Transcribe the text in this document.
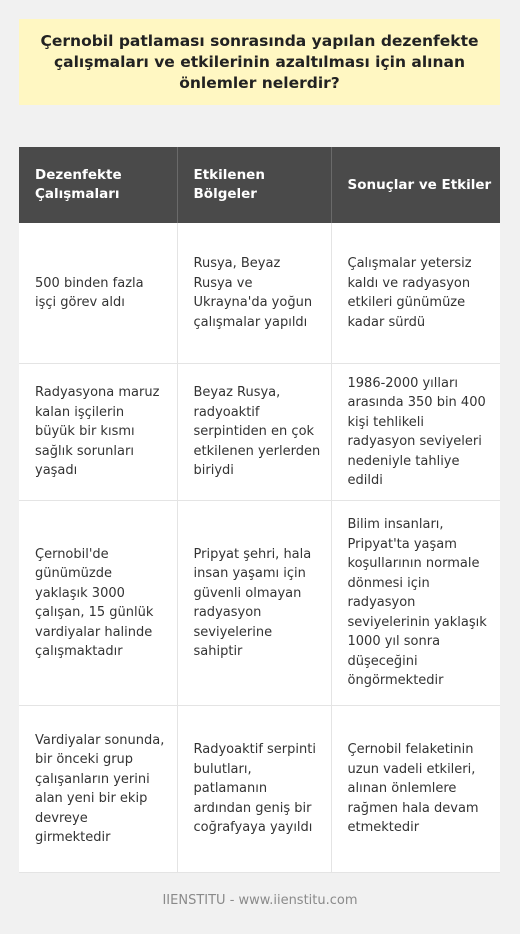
Çernobil patlaması sonrasında yapılan dezenfekte çalışmaları ve etkilerinin azaltılması için alınan önlemler nelerdir?
Dezenfekte Çalışmaları	Etkilenen Bölgeler	Sonuçlar ve Etkiler
500 binden fazla işçi görev aldı	Rusya, Beyaz Rusya ve Ukrayna'da yoğun çalışmalar yapıldı	Çalışmalar yetersiz kaldı ve radyasyon etkileri günümüze kadar sürdü
Radyasyona maruz kalan işçilerin büyük bir kısmı sağlık sorunları yaşadı	Beyaz Rusya, radyoaktif serpintiden en çok etkilenen yerlerden biriydi	1986-2000 yılları arasında 350 bin 400 kişi tehlikeli radyasyon seviyeleri nedeniyle tahliye edildi
Çernobil'de günümüzde yaklaşık 3000 çalışan, 15 günlük vardiyalar halinde çalışmaktadır	Pripyat şehri, hala insan yaşamı için güvenli olmayan radyasyon seviyelerine sahiptir	Bilim insanları, Pripyat'ta yaşam koşullarının normale dönmesi için radyasyon seviyelerinin yaklaşık 1000 yıl sonra düşeceğini öngörmektedir
Vardiyalar sonunda, bir önceki grup çalışanların yerini alan yeni bir ekip devreye girmektedir	Radyoaktif serpinti bulutları, patlamanın ardından geniş bir coğrafyaya yayıldı	Çernobil felaketinin uzun vadeli etkileri, alınan önlemlere rağmen hala devam etmektedir
IIENSTITU - www.iienstitu.com
